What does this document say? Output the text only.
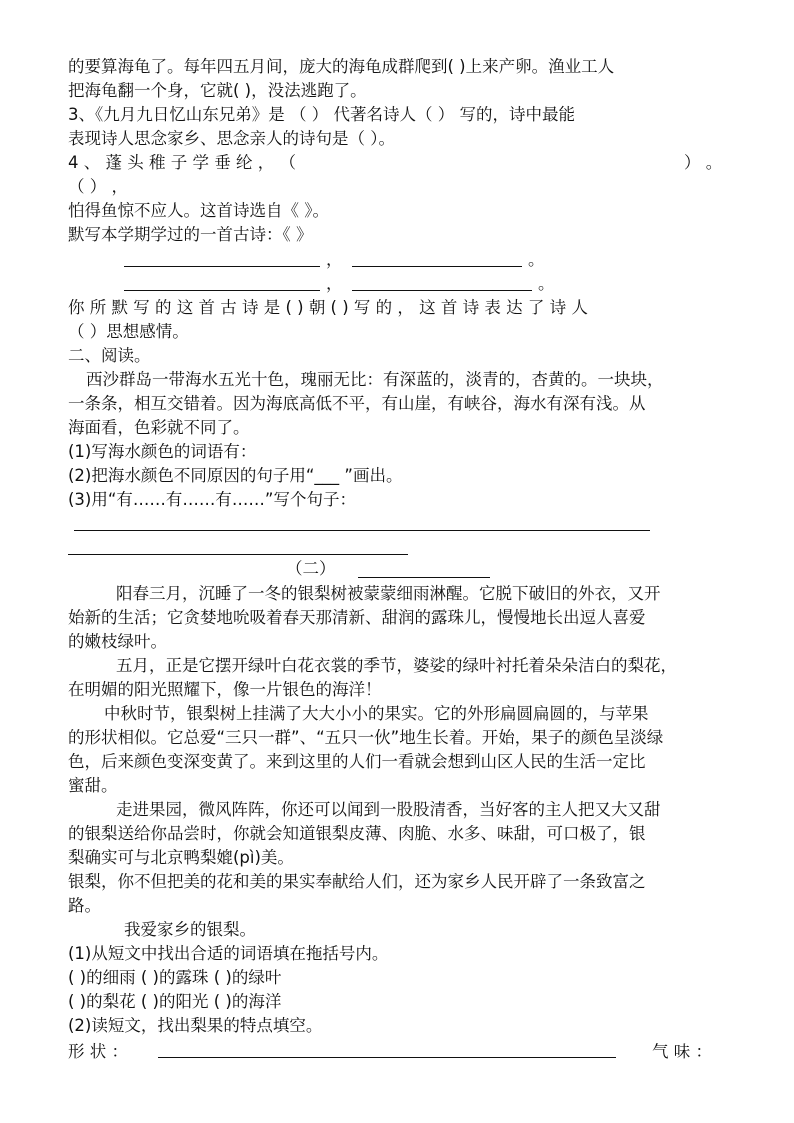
的要算海龟了。每年四五月间，庞大的海龟成群爬到( )上来产卵。渔业工人
把海龟翻一个身，它就( )，没法逃跑了。
3、《九月九日忆山东兄弟》是 （ ） 代著名诗人（ ） 写的，诗中最能
表现诗人思念家乡、思念亲人的诗句是（ ）。
4 、 蓬 头 稚 子 学 垂 纶 ， （	） 。
（ ） ，
怕得鱼惊不应人。这首诗选自《 》。
默写本学期学过的一首古诗：《 》
，	。
，	。
你 所 默 写 的 这 首 古 诗 是 ( ) 朝 ( ) 写 的 ， 这 首 诗 表 达 了 诗 人
（ ）思想感情。
二、阅读。
西沙群岛一带海水五光十色，瑰丽无比：有深蓝的，淡青的，杏黄的。一块块，
一条条，相互交错着。因为海底高低不平，有山崖，有峡谷，海水有深有浅。从
海面看，色彩就不同了。
(1)写海水颜色的词语有：
(2)把海水颜色不同原因的句子用“___ ”画出。
(3)用“有……有……有……”写个句子：
（二）
阳春三月，沉睡了一冬的银梨树被蒙蒙细雨淋醒。它脱下破旧的外衣，又开
始新的生活；它贪婪地吮吸着春天那清新、甜润的露珠儿，慢慢地长出逗人喜爱
的嫩枝绿叶。
五月，正是它摆开绿叶白花衣裳的季节，婆娑的绿叶衬托着朵朵洁白的梨花，
在明媚的阳光照耀下，像一片银色的海洋！
中秋时节，银梨树上挂满了大大小小的果实。它的外形扁圆扁圆的，与苹果
的形状相似。它总爱“三只一群”、“五只一伙”地生长着。开始，果子的颜色呈淡绿
色，后来颜色变深变黄了。来到这里的人们一看就会想到山区人民的生活一定比
蜜甜。
走进果园，微风阵阵，你还可以闻到一股股清香，当好客的主人把又大又甜
的银梨送给你品尝时，你就会知道银梨皮薄、肉脆、水多、味甜，可口极了，银
梨确实可与北京鸭梨媲(pì)美。
银梨，你不但把美的花和美的果实奉献给人们，还为家乡人民开辟了一条致富之
路。
我爱家乡的银梨。
(1)从短文中找出合适的词语填在拖括号内。
( )的细雨 ( )的露珠 ( )的绿叶
( )的梨花 ( )的阳光 ( )的海洋
(2)读短文，找出梨果的特点填空。
形 状 ：	气 味 ：
